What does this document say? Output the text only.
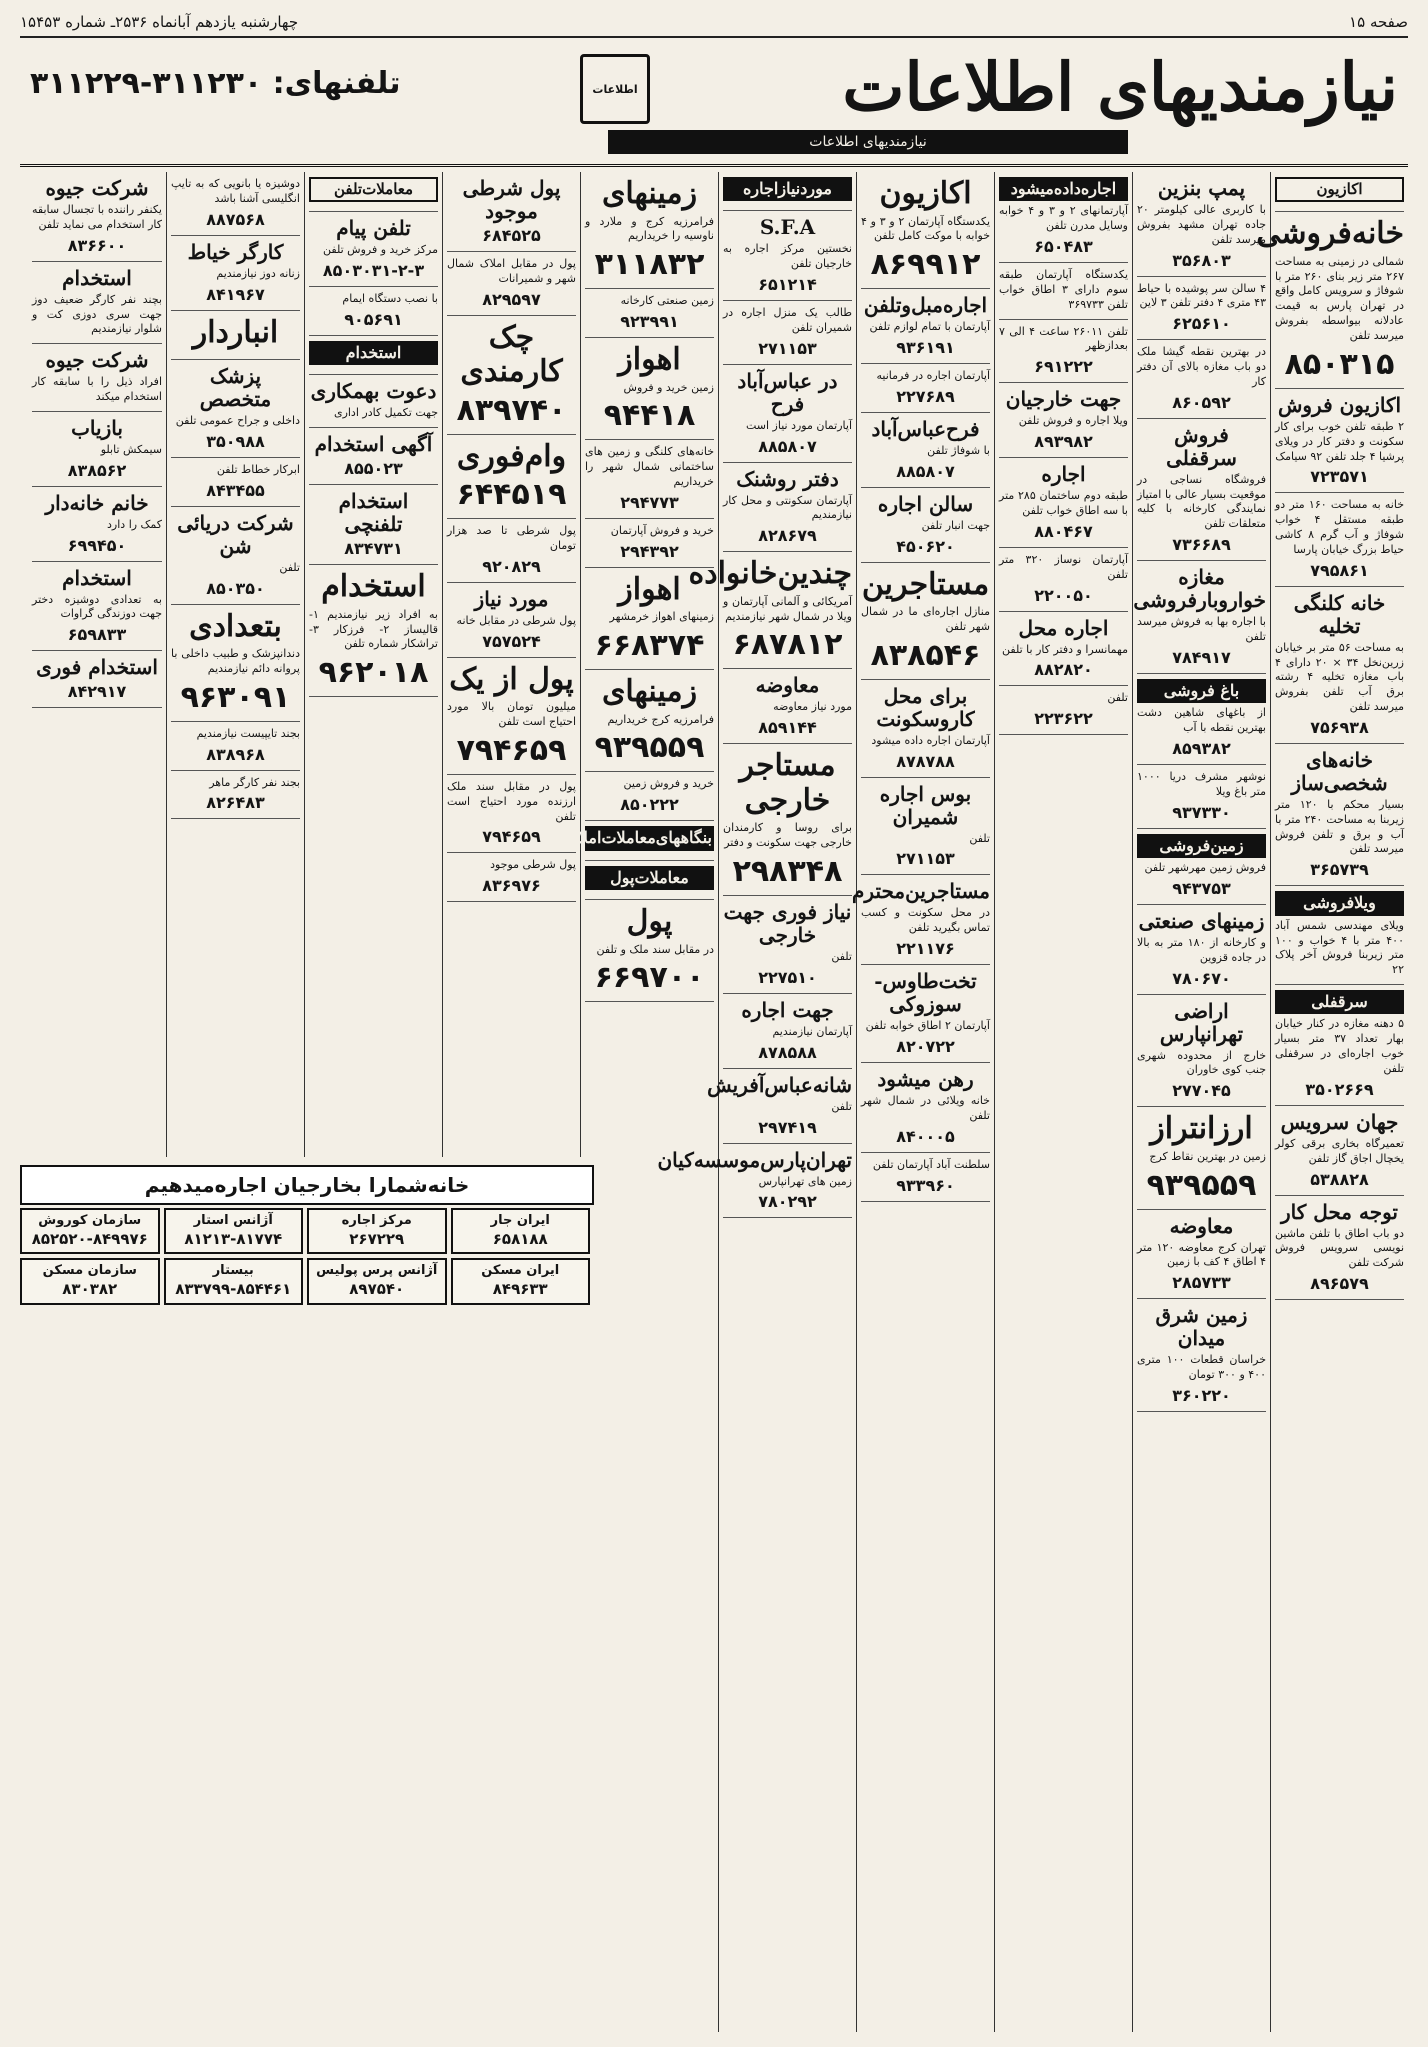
صفحه ۱۵
چهارشنبه یازدهم آبانماه ۲۵۳۶ـ شماره ۱۵۴۵۳
نیازمندیهای اطلاعات
اطلاعات
تلفنهای: ۳۱۱۲۳۰-۳۱۱۲۲۹
نیازمندیهای اطلاعات
اکازیون
خانه‌فروشی
شمالی در زمینی به مساحت ۲۶۷ متر زیر بنای ۲۶۰ متر با شوفاژ و سرویس کامل واقع در تهران پارس به قیمت عادلانه بیواسطه بفروش میرسد تلفن
۸۵۰۳۱۵
اکازیون فروش
۲ طبقه تلفن خوب برای کار سکونت و دفتر کار در ویلای پرشیا ۴ جلد تلفن ۹۲ سیامک
۷۲۳۵۷۱
خانه به مساحت ۱۶۰ متر دو طبقه مستقل ۴ خواب شوفاژ و آب گرم ۸ کاشی حیاط بزرگ خیابان پارسا
۷۹۵۸۶۱
خانه کلنگی تخلیه
به مساحت ۵۶ متر بر خیابان زرین‌نخل ۳۴ × ۲۰ دارای ۴ باب مغازه تخلیه ۴ رشته برق آب تلفن بفروش میرسد تلفن
۷۵۶۹۳۸
خانه‌های شخصی‌ساز
بسیار محکم با ۱۲۰ متر زیربنا به مساحت ۲۴۰ متر با آب و برق و تلفن فروش میرسد تلفن
۳۶۵۷۳۹
ویلافروشی
ویلای مهندسی شمس آباد ۴۰۰ متر با ۴ خواب و ۱۰۰ متر زیربنا فروش آخر پلاک ۲۲
سرقفلی
۵ دهنه مغازه در کنار خیابان بهار تعداد ۳۷ متر بسیار خوب اجاره‌ای در سرقفلی تلفن
۳۵۰۲۶۶۹
جهان سرویس
تعمیرگاه بخاری برقی کولر یخچال اجاق گاز تلفن
۵۳۸۸۲۸
توجه محل کار
دو باب اطاق با تلفن ماشین نویسی سرویس فروش شرکت تلفن
۸۹۶۵۷۹
پمپ بنزین
با کاربری عالی کیلومتر ۲۰ جاده تهران مشهد بفروش میرسد تلفن
۳۵۶۸۰۳
۴ سالن سر پوشیده با حیاط ۴۳ متری ۴ دفتر تلفن ۳ لاین
۶۲۵۶۱۰
در بهترین نقطه گیشا ملک دو باب مغازه بالای آن دفتر کار
۸۶۰۵۹۲
فروش سرقفلی
فروشگاه نساجی در موقعیت بسیار عالی با امتیاز نمایندگی کارخانه با کلیه متعلقات تلفن
۷۳۶۶۸۹
مغازه خواروبارفروشی
با اجاره بها به فروش میرسد تلفن
۷۸۴۹۱۷
باغ فروشی
از باغهای شاهین دشت بهترین نقطه با آب
۸۵۹۳۸۲
نوشهر مشرف دریا ۱۰۰۰ متر باغ ویلا
۹۳۷۳۳۰
زمین‌فروشی
فروش زمین مهرشهر تلفن
۹۴۳۷۵۳
زمینهای صنعتی
و کارخانه از ۱۸۰ متر به بالا در جاده قزوین
۷۸۰۶۷۰
اراضی تهرانپارس
خارج از محدوده شهری جنب کوی خاوران
۲۷۷۰۴۵
ارزانتراز
زمین در بهترین نقاط کرج
۹۳۹۵۵۹
معاوضه
تهران کرج معاوضه ۱۲۰ متر ۴ اطاق ۴ کف با زمین
۲۸۵۷۳۳
زمین شرق میدان
خراسان قطعات ۱۰۰ متری ۴۰۰ و ۳۰۰ تومان
۳۶۰۲۲۰
اجاره‌داده‌میشود
آپارتمانهای ۲ و ۳ و ۴ خوابه وسایل مدرن تلفن
۶۵۰۴۸۳
یکدستگاه آپارتمان طبقه سوم دارای ۳ اطاق خواب تلفن ۳۶۹۷۳۳
تلفن ۲۶۰۱۱ ساعت ۴ الی ۷ بعدازظهر
۶۹۱۲۲۲
جهت خارجیان
ویلا اجاره و فروش تلفن
۸۹۳۹۸۲
اجاره
طبقه دوم ساختمان ۲۸۵ متر با سه اطاق خواب تلفن
۸۸۰۴۶۷
آپارتمان نوساز ۳۲۰ متر تلفن
۲۲۰۰۵۰
اجاره محل
مهمانسرا و دفتر کار با تلفن
۸۸۲۸۲۰
تلفن
۲۲۳۶۲۲
اکازیون
یکدستگاه آپارتمان ۲ و ۳ و ۴ خوابه با موکت کامل تلفن
۸۶۹۹۱۲
اجاره‌مبل‌وتلفن
آپارتمان با تمام لوازم تلفن
۹۳۶۱۹۱
آپارتمان اجاره در فرمانیه
۲۲۷۶۸۹
فرح‌عباس‌آباد
با شوفاژ تلفن
۸۸۵۸۰۷
سالن اجاره
جهت انبار تلفن
۴۵۰۶۲۰
مستاجرین
منازل اجاره‌ای ما در شمال شهر تلفن
۸۳۸۵۴۶
برای محل کاروسکونت
آپارتمان اجاره داده میشود
۸۷۸۷۸۸
بوس اجاره شمیران
تلفن
۲۷۱۱۵۳
مستاجرین‌محترم
در محل سکونت و کسب تماس بگیرید تلفن
۲۲۱۱۷۶
تخت‌طاوس‌-سوزوکی
آپارتمان ۲ اطاق خوابه تلفن
۸۲۰۷۲۲
رهن میشود
خانه ویلائی در شمال شهر تلفن
۸۴۰۰۰۵
سلطنت آباد آپارتمان تلفن
۹۳۳۹۶۰
موردنیازاجاره
S.F.A
نخستین مرکز اجاره به خارجیان تلفن
۶۵۱۲۱۴
طالب یک منزل اجاره در شمیران تلفن
۲۷۱۱۵۳
در عباس‌آباد فرح
آپارتمان مورد نیاز است
۸۸۵۸۰۷
دفتر روشنک
آپارتمان سکونتی و محل کار نیازمندیم
۸۲۸۶۷۹
چندین‌خانواده
آمریکائی و آلمانی آپارتمان و ویلا در شمال شهر نیازمندیم
۶۸۷۸۱۲
معاوضه
مورد نیاز معاوضه
۸۵۹۱۴۴
مستاجر خارجی
برای روسا و کارمندان خارجی جهت سکونت و دفتر
۲۹۸۳۴۸
نیاز فوری جهت خارجی
تلفن
۲۲۷۵۱۰
جهت اجاره
آپارتمان نیازمندیم
۸۷۸۵۸۸
شانه‌عباس‌آفریش
تلفن
۲۹۷۴۱۹
تهران‌پارس‌موسسه‌کیان
زمین های تهرانپارس
۷۸۰۲۹۲
زمینهای
فرامرزیه کرج و ملارد و ناوسیه را خریداریم
۳۱۱۸۳۲
زمین صنعتی کارخانه
۹۲۳۹۹۱
اهواز
زمین خرید و فروش
۹۴۴۱۸
خانه‌های کلنگی و زمین های ساختمانی شمال شهر را خریداریم
۲۹۴۷۷۳
خرید و فروش آپارتمان
۲۹۴۳۹۲
اهواز
زمینهای اهواز خرمشهر
۶۶۸۳۷۴
زمینهای
فرامرزیه کرج خریداریم
۹۳۹۵۵۹
خرید و فروش زمین
۸۵۰۲۲۲
بنگاههای‌معاملات‌املاک
معاملات‌پول
پول
در مقابل سند ملک و تلفن
۶۶۹۷۰۰
پول شرطی موجود
۶۸۴۵۲۵
پول در مقابل املاک شمال شهر و شمیرانات
۸۲۹۵۹۷
چک کارمندی
۸۳۹۷۴۰
وام‌فوری
۶۴۴۵۱۹
پول شرطی تا صد هزار تومان
۹۲۰۸۲۹
مورد نیاز
پول شرطی در مقابل خانه
۷۵۷۵۲۴
پول از یک
میلیون تومان بالا مورد احتیاج است تلفن
۷۹۴۶۵۹
پول در مقابل سند ملک ارزنده مورد احتیاج است تلفن
۷۹۴۶۵۹
پول شرطی موجود
۸۳۶۹۷۶
معاملات‌تلفن
تلفن پیام
مرکز خرید و فروش تلفن
۸۵۰۳۰۳۱-۲-۳
با نصب دستگاه ایمام
۹۰۵۶۹۱
استخدام
دعوت بهمکاری
جهت تکمیل کادر اداری
آگهی استخدام
۸۵۵۰۲۳
استخدام تلفنچی
۸۳۴۷۳۱
استخدام
به افراد زیر نیازمندیم ۱- قالیساز ۲- فرزکار ۳- تراشکار شماره تلفن
۹۶۲۰۱۸
دوشیزه یا بانویی که به تایپ انگلیسی آشنا باشد
۸۸۷۵۶۸
کارگر خیاط
زنانه دوز نیازمندیم
۸۴۱۹۶۷
انباردار
پزشک متخصص
داخلی و جراح عمومی تلفن
۳۵۰۹۸۸
ابرکار خطاط تلفن
۸۴۳۴۵۵
شرکت دریائی شن
تلفن
۸۵۰۳۵۰
بتعدادی
دندانپزشک و طبیب داخلی با پروانه دائم نیازمندیم
۹۶۳۰۹۱
بجند تایپیست نیازمندیم
۸۳۸۹۶۸
بجند نفر کارگر ماهر
۸۲۶۴۸۳
شرکت جیوه
یکنفر راننده با تجسال سابقه کار استخدام می نماید تلفن
۸۳۶۶۰۰
استخدام
بچند نفر کارگر ضعیف دوز جهت سری دوزی کت و شلوار نیازمندیم
شرکت جیوه
افراد ذیل را با سابقه کار استخدام میکند
بازیاب
سیمکش تابلو
۸۳۸۵۶۲
خانم خانه‌دار
کمک را دارد
۶۹۹۴۵۰
استخدام
به تعدادی دوشیزه دختر جهت دوزندگی گراوات
۶۵۹۸۳۳
استخدام فوری
۸۴۲۹۱۷
خانه‌شمارا بخارجیان اجاره‌میدهیم
ایران جار
۶۵۸۱۸۸
مرکز اجاره
۲۶۷۲۲۹
آژانس استار
۸۱۲۱۳-۸۱۷۷۴
سازمان کوروش
۸۵۲۵۲۰-۸۴۹۹۷۶
ایران مسکن
۸۴۹۶۳۳
آژانس پرس پولیس
۸۹۷۵۴۰
بیستار
۸۳۳۷۹۹-۸۵۴۴۶۱
سازمان مسکن
۸۳۰۳۸۲
